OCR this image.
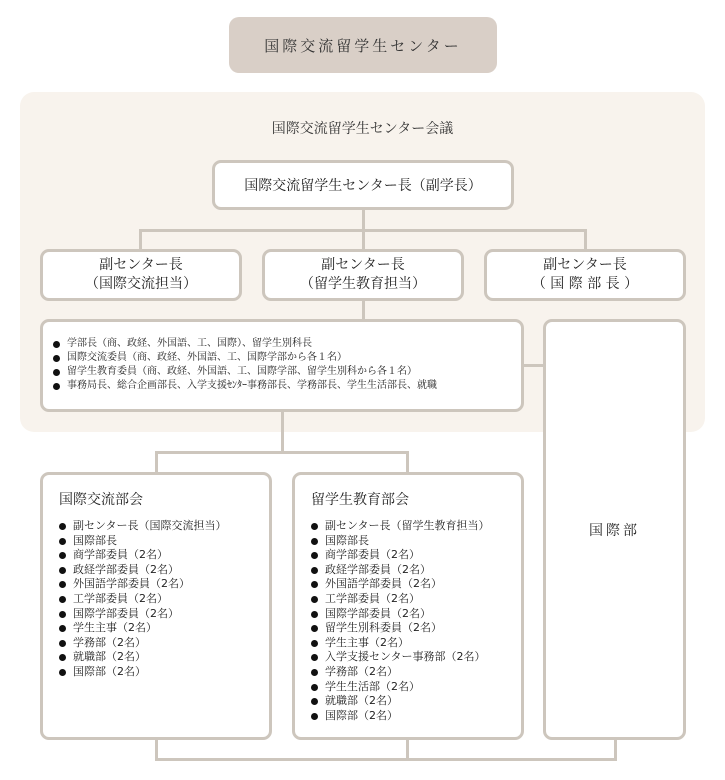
国際交流留学生センター
国際交流留学生センター会議
国際交流留学生センター長（副学長）
副センター長
（国際交流担当）
副センター長
（留学生教育担当）
副センター長
（ 国 際 部 長 ）
学部長（商、政経、外国語、工、国際）、留学生別科長
国際交流委員（商、政経、外国語、工、国際学部から各１名）
留学生教育委員（商、政経、外国語、工、国際学部、留学生別科から各１名）
事務局長、総合企画部長、入学支援ｾﾝﾀｰ事務部長、学務部長、学生生活部長、就職
国際部
国際交流部会
副センター長（国際交流担当）
国際部長
商学部委員（2名）
政経学部委員（2名）
外国語学部委員（2名）
工学部委員（2名）
国際学部委員（2名）
学生主事（2名）
学務部（2名）
就職部（2名）
国際部（2名）
留学生教育部会
副センター長（留学生教育担当）
国際部長
商学部委員（2名）
政経学部委員（2名）
外国語学部委員（2名）
工学部委員（2名）
国際学部委員（2名）
留学生別科委員（2名）
学生主事（2名）
入学支援センター事務部（2名）
学務部（2名）
学生生活部（2名）
就職部（2名）
国際部（2名）
